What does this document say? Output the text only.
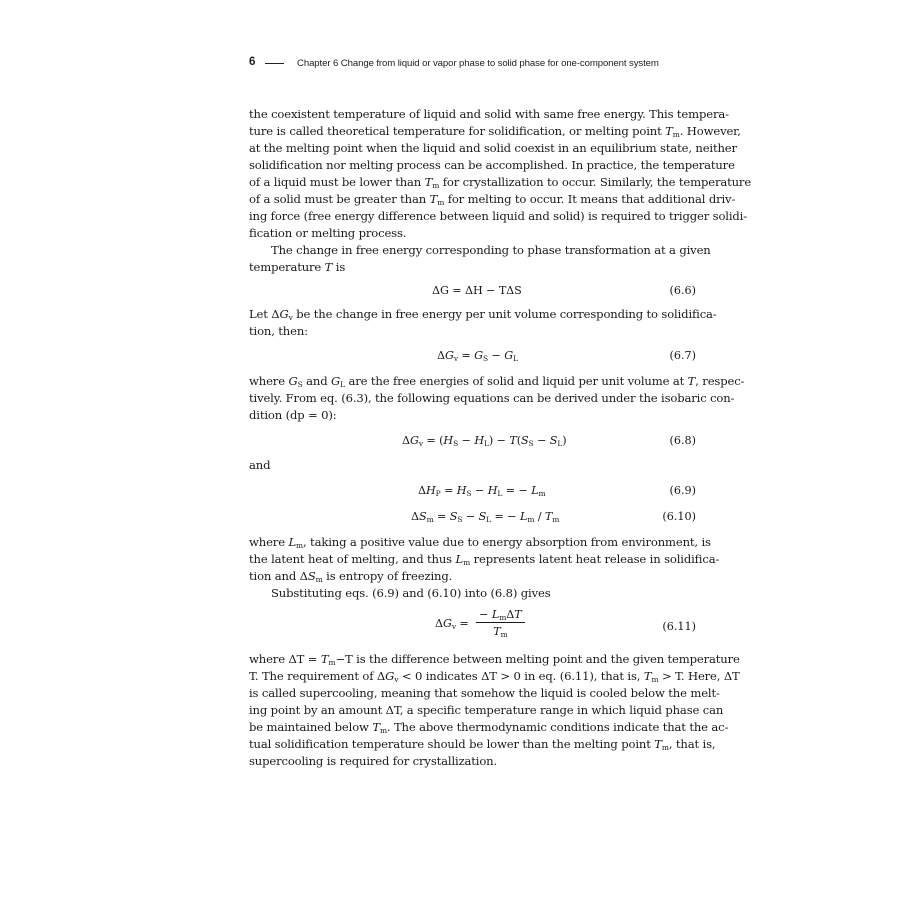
6	Chapter 6 Change from liquid or vapor phase to solid phase for one-component system
the coexistent temperature of liquid and solid with same free energy. This tempera-
ture is called theoretical temperature for solidification, or melting point $T_m$. However,
at the melting point when the liquid and solid coexist in an equilibrium state, neither
solidification nor melting process can be accomplished. In practice, the temperature
of a liquid must be lower than $T_m$ for crystallization to occur. Similarly, the temperature
of a solid must be greater than $T_m$ for melting to occur. It means that additional driv-
ing force (free energy difference between liquid and solid) is required to trigger solidi-
fication or melting process.
The change in free energy corresponding to phase transformation at a given
temperature T is
ΔG = ΔH − TΔS	(6.6)
Let $\Delta G_v$ be the change in free energy per unit volume corresponding to solidifica-
tion, then:
$\Delta G_v = G_S - G_L$	(6.7)
where $G_S$ and $G_L$ are the free energies of solid and liquid per unit volume at T, respec-
tively. From eq. (6.3), the following equations can be derived under the isobaric con-
dition (dp = 0):
$\Delta G_v = (H_S - H_L) - T(S_S - S_L)$	(6.8)
and
$\Delta H_P = H_S - H_L$ = − $L_m$	(6.9)
$\Delta S_m = S_S - S_L$ = − $L_m / T_m$	(6.10)
where $L_m$, taking a positive value due to energy absorption from environment, is
the latent heat of melting, and thus $L_m$ represents latent heat release in solidifica-
tion and $\Delta S_m$ is entropy of freezing.
Substituting eqs. (6.9) and (6.10) into (6.8) gives
$\Delta G_v = \frac{- L_m\Delta T}{T_m}$	(6.11)
where $\Delta T = T_m-T$ is the difference between melting point and the given temperature
T. The requirement of $\Delta G_v < 0$ indicates ΔT > 0 in eq. (6.11), that is, $T_m > T$. Here, ΔT
is called supercooling, meaning that somehow the liquid is cooled below the melt-
ing point by an amount ΔT, a specific temperature range in which liquid phase can
be maintained below $T_m$. The above thermodynamic conditions indicate that the ac-
tual solidification temperature should be lower than the melting point $T_m$, that is,
supercooling is required for crystallization.
